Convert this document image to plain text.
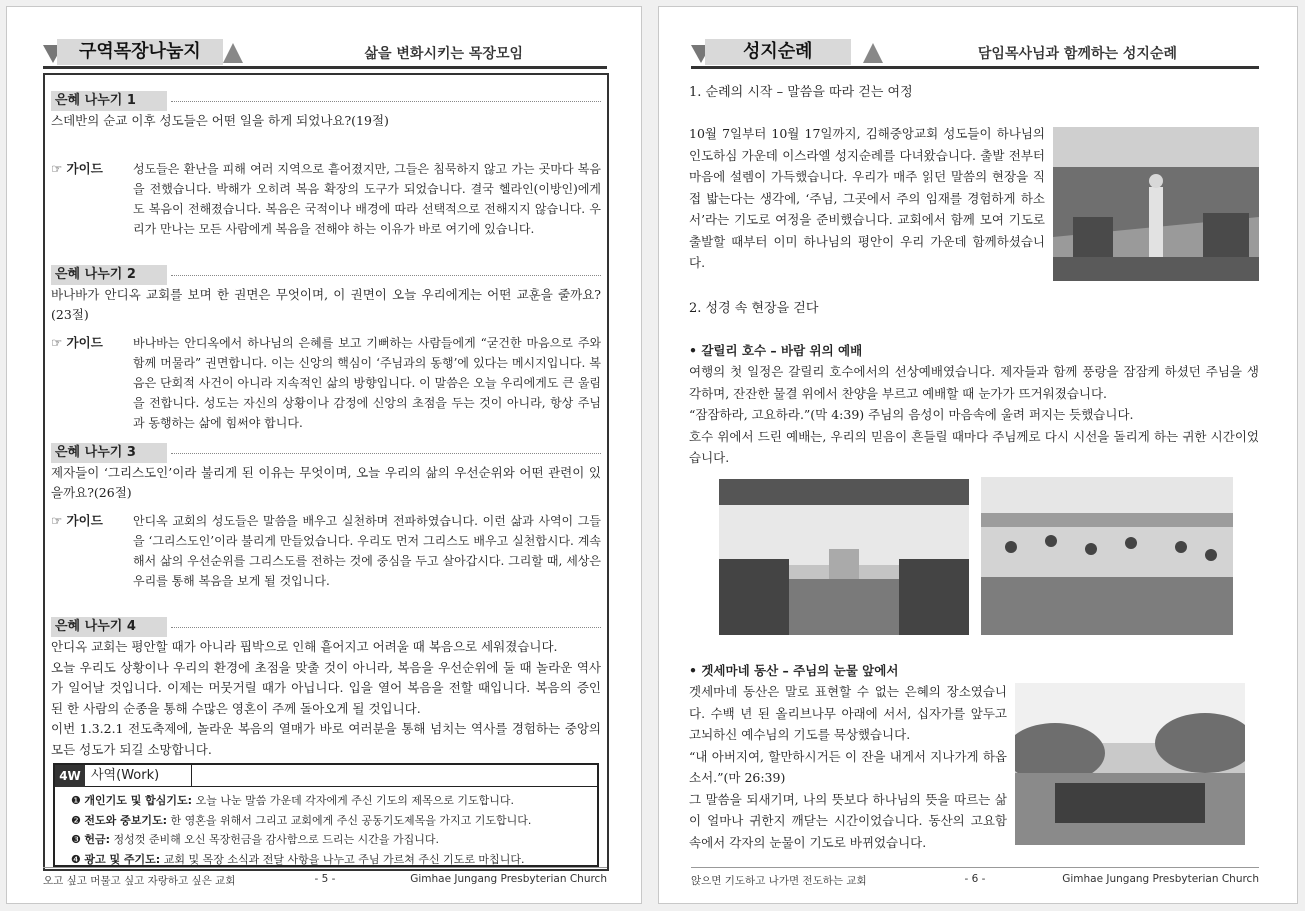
구역목장나눔지	삶을 변화시키는 목장모임
은혜 나누기 1
스데반의 순교 이후 성도들은 어떤 일을 하게 되었나요?(19절)
☞ 가이드	성도들은 환난을 피해 여러 지역으로 흩어졌지만, 그들은 침묵하지 않고 가는 곳마다 복음을 전했습니다. 박해가 오히려 복음 확장의 도구가 되었습니다. 결국 헬라인(이방인)에게도 복음이 전해졌습니다. 복음은 국적이나 배경에 따라 선택적으로 전해지지 않습니다. 우리가 만나는 모든 사람에게 복음을 전해야 하는 이유가 바로 여기에 있습니다.
은혜 나누기 2
바나바가 안디옥 교회를 보며 한 권면은 무엇이며, 이 권면이 오늘 우리에게는 어떤 교훈을 줄까요?(23절)
☞ 가이드	바나바는 안디옥에서 하나님의 은혜를 보고 기뻐하는 사람들에게 “굳건한 마음으로 주와 함께 머물라” 권면합니다. 이는 신앙의 핵심이 ‘주님과의 동행’에 있다는 메시지입니다. 복음은 단회적 사건이 아니라 지속적인 삶의 방향입니다. 이 말씀은 오늘 우리에게도 큰 울림을 전합니다. 성도는 자신의 상황이나 감정에 신앙의 초점을 두는 것이 아니라, 항상 주님과 동행하는 삶에 힘써야 합니다.
은혜 나누기 3
제자들이 ‘그리스도인’이라 불리게 된 이유는 무엇이며, 오늘 우리의 삶의 우선순위와 어떤 관련이 있을까요?(26절)
☞ 가이드	안디옥 교회의 성도들은 말씀을 배우고 실천하며 전파하였습니다. 이런 삶과 사역이 그들을 ‘그리스도인’이라 불리게 만들었습니다. 우리도 먼저 그리스도 배우고 실천합시다. 계속해서 삶의 우선순위를 그리스도를 전하는 것에 중심을 두고 살아갑시다. 그리할 때, 세상은 우리를 통해 복음을 보게 될 것입니다.
은혜 나누기 4
안디옥 교회는 평안할 때가 아니라 핍박으로 인해 흩어지고 어려울 때 복음으로 세워졌습니다.
오늘 우리도 상황이나 우리의 환경에 초점을 맞출 것이 아니라, 복음을 우선순위에 둘 때 놀라운 역사가 일어날 것입니다. 이제는 머뭇거릴 때가 아닙니다. 입을 열어 복음을 전할 때입니다. 복음의 증인 된 한 사람의 순종을 통해 수많은 영혼이 주께 돌아오게 될 것입니다.
이번 1.3.2.1 전도축제에, 놀라운 복음의 열매가 바로 여러분을 통해 넘치는 역사를 경험하는 중앙의 모든 성도가 되길 소망합니다.
4W 사역(Work)
❶ 개인기도 및 합심기도: 오늘 나눈 말씀 가운데 각자에게 주신 기도의 제목으로 기도합니다.
❷ 전도와 중보기도: 한 영혼을 위해서 그리고 교회에게 주신 공동기도제목을 가지고 기도합니다.
❸ 헌금: 정성껏 준비해 오신 목장헌금을 감사함으로 드리는 시간을 가집니다.
❹ 광고 및 주기도: 교회 및 목장 소식과 전달 사항을 나누고 주님 가르쳐 주신 기도로 마칩니다.
오고 싶고 머물고 싶고 자랑하고 싶은 교회	- 5 -	Gimhae Jungang Presbyterian Church
성지순례	담임목사님과 함께하는 성지순례
1. 순례의 시작 – 말씀을 따라 걷는 여정
10월 7일부터 10월 17일까지, 김해중앙교회 성도들이 하나님의 인도하심 가운데 이스라엘 성지순례를 다녀왔습니다. 출발 전부터 마음에 설렘이 가득했습니다. 우리가 매주 읽던 말씀의 현장을 직접 밟는다는 생각에, ‘주님, 그곳에서 주의 임재를 경험하게 하소서’라는 기도로 여정을 준비했습니다. 교회에서 함께 모여 기도로 출발할 때부터 이미 하나님의 평안이 우리 가운데 함께하셨습니다.
2. 성경 속 현장을 걷다
• 갈릴리 호수 – 바람 위의 예배
여행의 첫 일정은 갈릴리 호수에서의 선상예배였습니다. 제자들과 함께 풍랑을 잠잠케 하셨던 주님을 생각하며, 잔잔한 물결 위에서 찬양을 부르고 예배할 때 눈가가 뜨거워졌습니다.
“잠잠하라, 고요하라.”(막 4:39) 주님의 음성이 마음속에 울려 퍼지는 듯했습니다.
호수 위에서 드린 예배는, 우리의 믿음이 흔들릴 때마다 주님께로 다시 시선을 돌리게 하는 귀한 시간이었습니다.
• 겟세마네 동산 – 주님의 눈물 앞에서
겟세마네 동산은 말로 표현할 수 없는 은혜의 장소였습니다. 수백 년 된 올리브나무 아래에 서서, 십자가를 앞두고 고뇌하신 예수님의 기도를 묵상했습니다.
“내 아버지여, 할만하시거든 이 잔을 내게서 지나가게 하옵소서.”(마 26:39)
그 말씀을 되새기며, 나의 뜻보다 하나님의 뜻을 따르는 삶이 얼마나 귀한지 깨닫는 시간이었습니다. 동산의 고요함 속에서 각자의 눈물이 기도로 바뀌었습니다.
앉으면 기도하고 나가면 전도하는 교회	- 6 -	Gimhae Jungang Presbyterian Church
